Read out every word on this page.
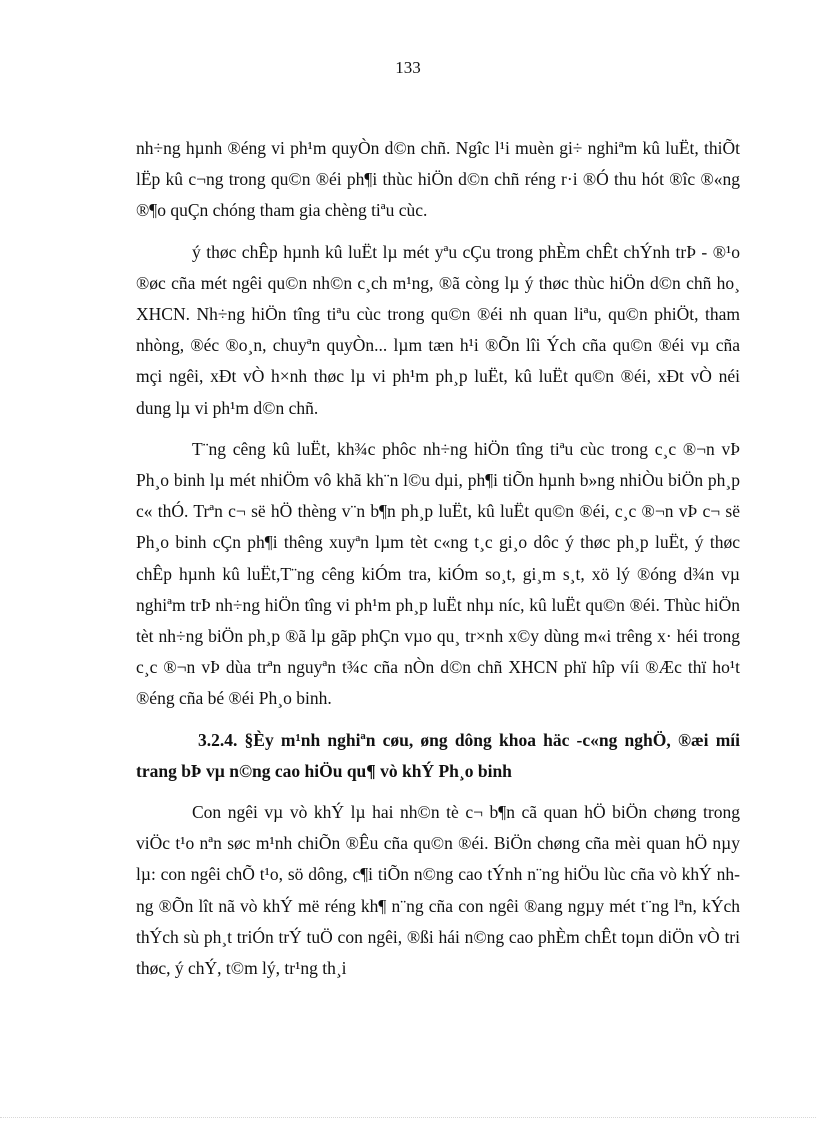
133

nh÷ng hµnh ®éng vi ph¹m quyÒn d©n chñ. Ngîc l¹i muèn gi÷ nghiªm kû luËt, thiÕt lËp kû c¬ng trong qu©n ®éi ph¶i thùc hiÖn d©n chñ réng r·i ®Ó thu hót ®îc ®«ng ®¶o quÇn chóng tham gia chèng tiªu cùc.

ý thøc chÊp hµnh kû luËt lµ mét yªu cÇu trong phÈm chÊt chÝnh trÞ - ®¹o ®øc cña mét ngêi qu©n nh©n c¸ch m¹ng, ®ã còng lµ ý thøc thùc hiÖn d©n chñ ho¸ XHCN. Nh÷ng hiÖn tîng tiªu cùc trong qu©n ®éi nh quan liªu, qu©n phiÖt, tham nhòng, ®éc ®o¸n, chuyªn quyÒn... lµm tæn h¹i ®Õn lîi Ých cña qu©n ®éi vµ cña mçi ngêi, xÐt vÒ h×nh thøc lµ vi ph¹m ph¸p luËt, kû luËt qu©n ®éi, xÐt vÒ néi dung lµ vi ph¹m d©n chñ.

T¨ng cêng kû luËt, kh¾c phôc nh÷ng hiÖn tîng tiªu cùc trong c¸c ®¬n vÞ Ph¸o binh lµ mét nhiÖm vô khã kh¨n l©u dµi, ph¶i tiÕn hµnh b»ng nhiÒu biÖn ph¸p c« thÓ. Trªn c¬ së hÖ thèng v¨n b¶n ph¸p luËt, kû luËt qu©n ®éi, c¸c ®¬n vÞ c¬ së Ph¸o binh cÇn ph¶i thêng xuyªn lµm tèt c«ng t¸c gi¸o dôc ý thøc ph¸p luËt, ý thøc chÊp hµnh kû luËt,T¨ng cêng kiÓm tra, kiÓm so¸t, gi¸m s¸t, xö lý ®óng d¾n vµ nghiªm trÞ nh÷ng hiÖn tîng vi ph¹m ph¸p luËt nhµ níc, kû luËt qu©n ®éi. Thùc hiÖn tèt nh÷ng biÖn ph¸p ®ã lµ gãp phÇn vµo qu¸ tr×nh x©y dùng m«i trêng x· héi trong c¸c ®¬n vÞ dùa trªn nguyªn t¾c cña nÒn d©n chñ XHCN phï hîp víi ®Æc thï ho¹t ®éng cña bé ®éi Ph¸o binh.

3.2.4. §Èy m¹nh nghiªn cøu, øng dông khoa häc -c«ng nghÖ, ®æi míi trang bÞ vµ n©ng cao hiÖu qu¶ vò khÝ Ph¸o binh

Con ngêi vµ vò khÝ lµ hai nh©n tè c¬ b¶n cã quan hÖ biÖn chøng trong viÖc t¹o nªn søc m¹nh chiÕn ®Êu cña qu©n ®éi. BiÖn chøng cña mèi quan hÖ nµy lµ: con ngêi chÕ t¹o, sö dông, c¶i tiÕn n©ng cao tÝnh n¨ng hiÖu lùc cña vò khÝ nhng ®Õn lît nã vò khÝ më réng kh¶ n¨ng cña con ngêi ®ang ngµy mét t¨ng lªn, kÝch thÝch sù ph¸t triÓn trÝ tuÖ con ngêi, ®ßi hái n©ng cao phÈm chÊt toµn diÖn vÒ tri thøc, ý chÝ, t©m lý, tr¹ng th¸i
